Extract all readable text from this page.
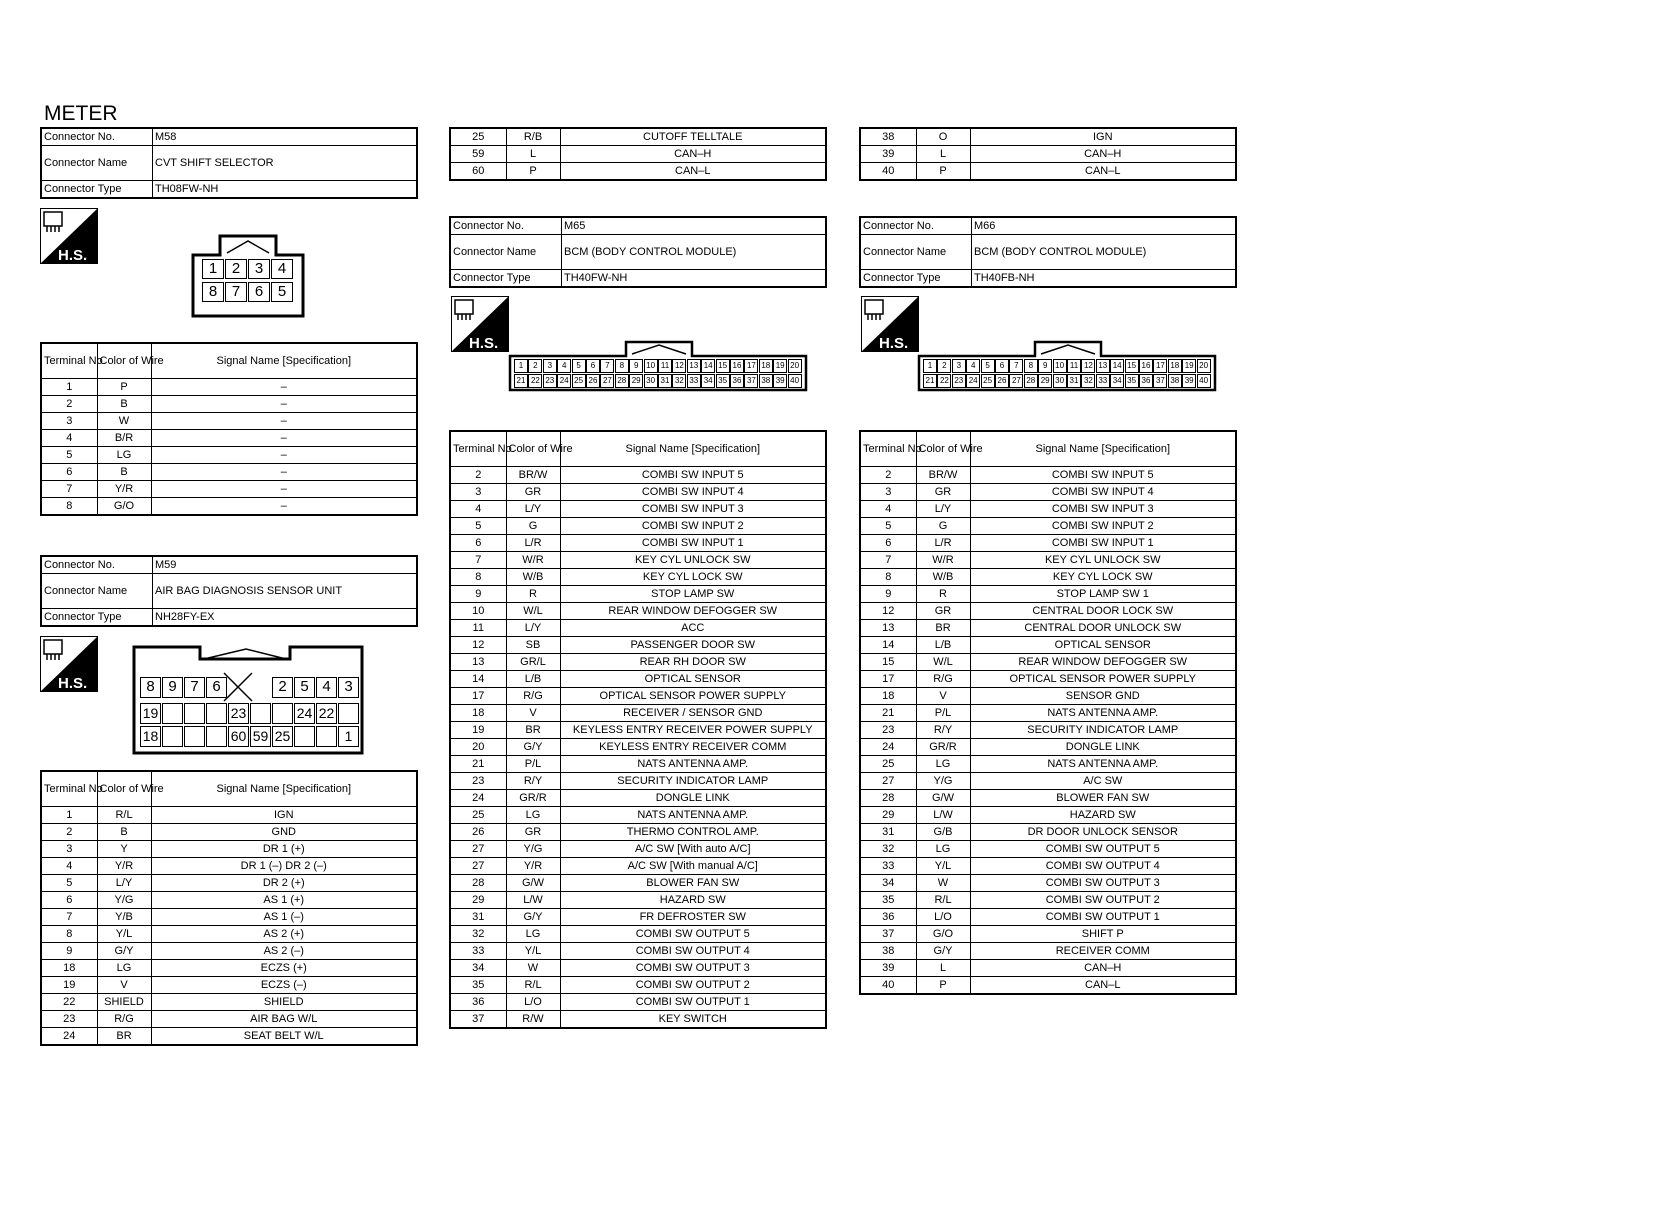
METER
Connector No.	M58
Connector Name	CVT SHIFT SELECTOR
Connector Type	TH08FW-NH
H.S.
1 2 3 4
8 7 6 5
Terminal No.	Color of Wire	Signal Name [Specification]
1	P	–
2	B	–
3	W	–
4	B/R	–
5	LG	–
6	B	–
7	Y/R	–
8	G/O	–
Connector No.	M59
Connector Name	AIR BAG DIAGNOSIS SENSOR UNIT
Connector Type	NH28FY-EX
H.S.	8 9 7 6	2 5 4 3
19	23	24 22
18	60 59 25	1
Terminal No.	Color of Wire	Signal Name [Specification]
1	R/L	IGN
2	B	GND
3	Y	DR 1 (+)
4	Y/R	DR 1 (–) DR 2 (–)
5	L/Y	DR 2 (+)
6	Y/G	AS 1 (+)
7	Y/B	AS 1 (–)
8	Y/L	AS 2 (+)
9	G/Y	AS 2 (–)
18	LG	ECZS (+)
19	V	ECZS (–)
22	SHIELD	SHIELD
23	R/G	AIR BAG W/L
24	BR	SEAT BELT W/L
25	R/B	CUTOFF TELLTALE
59	L	CAN–H
60	P	CAN–L
Connector No.	M65
Connector Name	BCM (BODY CONTROL MODULE)
Connector Type	TH40FW-NH
H.S.
1	2	3	4	5	6	7	8	9 10 11 12 13 14 15 16 17 18 19 20
21 22 23 24 25 26 27 28 29 30 31 32 33 34 35 36 37 38 39 40
Terminal No.	Color of Wire	Signal Name [Specification]
2	BR/W	COMBI SW INPUT 5
3	GR	COMBI SW INPUT 4
4	L/Y	COMBI SW INPUT 3
5	G	COMBI SW INPUT 2
6	L/R	COMBI SW INPUT 1
7	W/R	KEY CYL UNLOCK SW
8	W/B	KEY CYL LOCK SW
9	R	STOP LAMP SW
10	W/L	REAR WINDOW DEFOGGER SW
11	L/Y	ACC
12	SB	PASSENGER DOOR SW
13	GR/L	REAR RH DOOR SW
14	L/B	OPTICAL SENSOR
17	R/G	OPTICAL SENSOR POWER SUPPLY
18	V	RECEIVER / SENSOR GND
19	BR	KEYLESS ENTRY RECEIVER POWER SUPPLY
20	G/Y	KEYLESS ENTRY RECEIVER COMM
21	P/L	NATS ANTENNA AMP.
23	R/Y	SECURITY INDICATOR LAMP
24	GR/R	DONGLE LINK
25	LG	NATS ANTENNA AMP.
26	GR	THERMO CONTROL AMP.
27	Y/G	A/C SW [With auto A/C]
27	Y/R	A/C SW [With manual A/C]
28	G/W	BLOWER FAN SW
29	L/W	HAZARD SW
31	G/Y	FR DEFROSTER SW
32	LG	COMBI SW OUTPUT 5
33	Y/L	COMBI SW OUTPUT 4
34	W	COMBI SW OUTPUT 3
35	R/L	COMBI SW OUTPUT 2
36	L/O	COMBI SW OUTPUT 1
37	R/W	KEY SWITCH
38	O	IGN
39	L	CAN–H
40	P	CAN–L
Connector No.	M66
Connector Name	BCM (BODY CONTROL MODULE)
Connector Type	TH40FB-NH
H.S.
1	2	3	4	5	6	7	8	9 10 11 12 13 14 15 16 17 18 19 20
21 22 23 24 25 26 27 28 29 30 31 32 33 34 35 36 37 38 39 40
Terminal No.	Color of Wire	Signal Name [Specification]
2	BR/W	COMBI SW INPUT 5
3	GR	COMBI SW INPUT 4
4	L/Y	COMBI SW INPUT 3
5	G	COMBI SW INPUT 2
6	L/R	COMBI SW INPUT 1
7	W/R	KEY CYL UNLOCK SW
8	W/B	KEY CYL LOCK SW
9	R	STOP LAMP SW 1
12	GR	CENTRAL DOOR LOCK SW
13	BR	CENTRAL DOOR UNLOCK SW
14	L/B	OPTICAL SENSOR
15	W/L	REAR WINDOW DEFOGGER SW
17	R/G	OPTICAL SENSOR POWER SUPPLY
18	V	SENSOR GND
21	P/L	NATS ANTENNA AMP.
23	R/Y	SECURITY INDICATOR LAMP
24	GR/R	DONGLE LINK
25	LG	NATS ANTENNA AMP.
27	Y/G	A/C SW
28	G/W	BLOWER FAN SW
29	L/W	HAZARD SW
31	G/B	DR DOOR UNLOCK SENSOR
32	LG	COMBI SW OUTPUT 5
33	Y/L	COMBI SW OUTPUT 4
34	W	COMBI SW OUTPUT 3
35	R/L	COMBI SW OUTPUT 2
36	L/O	COMBI SW OUTPUT 1
37	G/O	SHIFT P
38	G/Y	RECEIVER COMM
39	L	CAN–H
40	P	CAN–L
